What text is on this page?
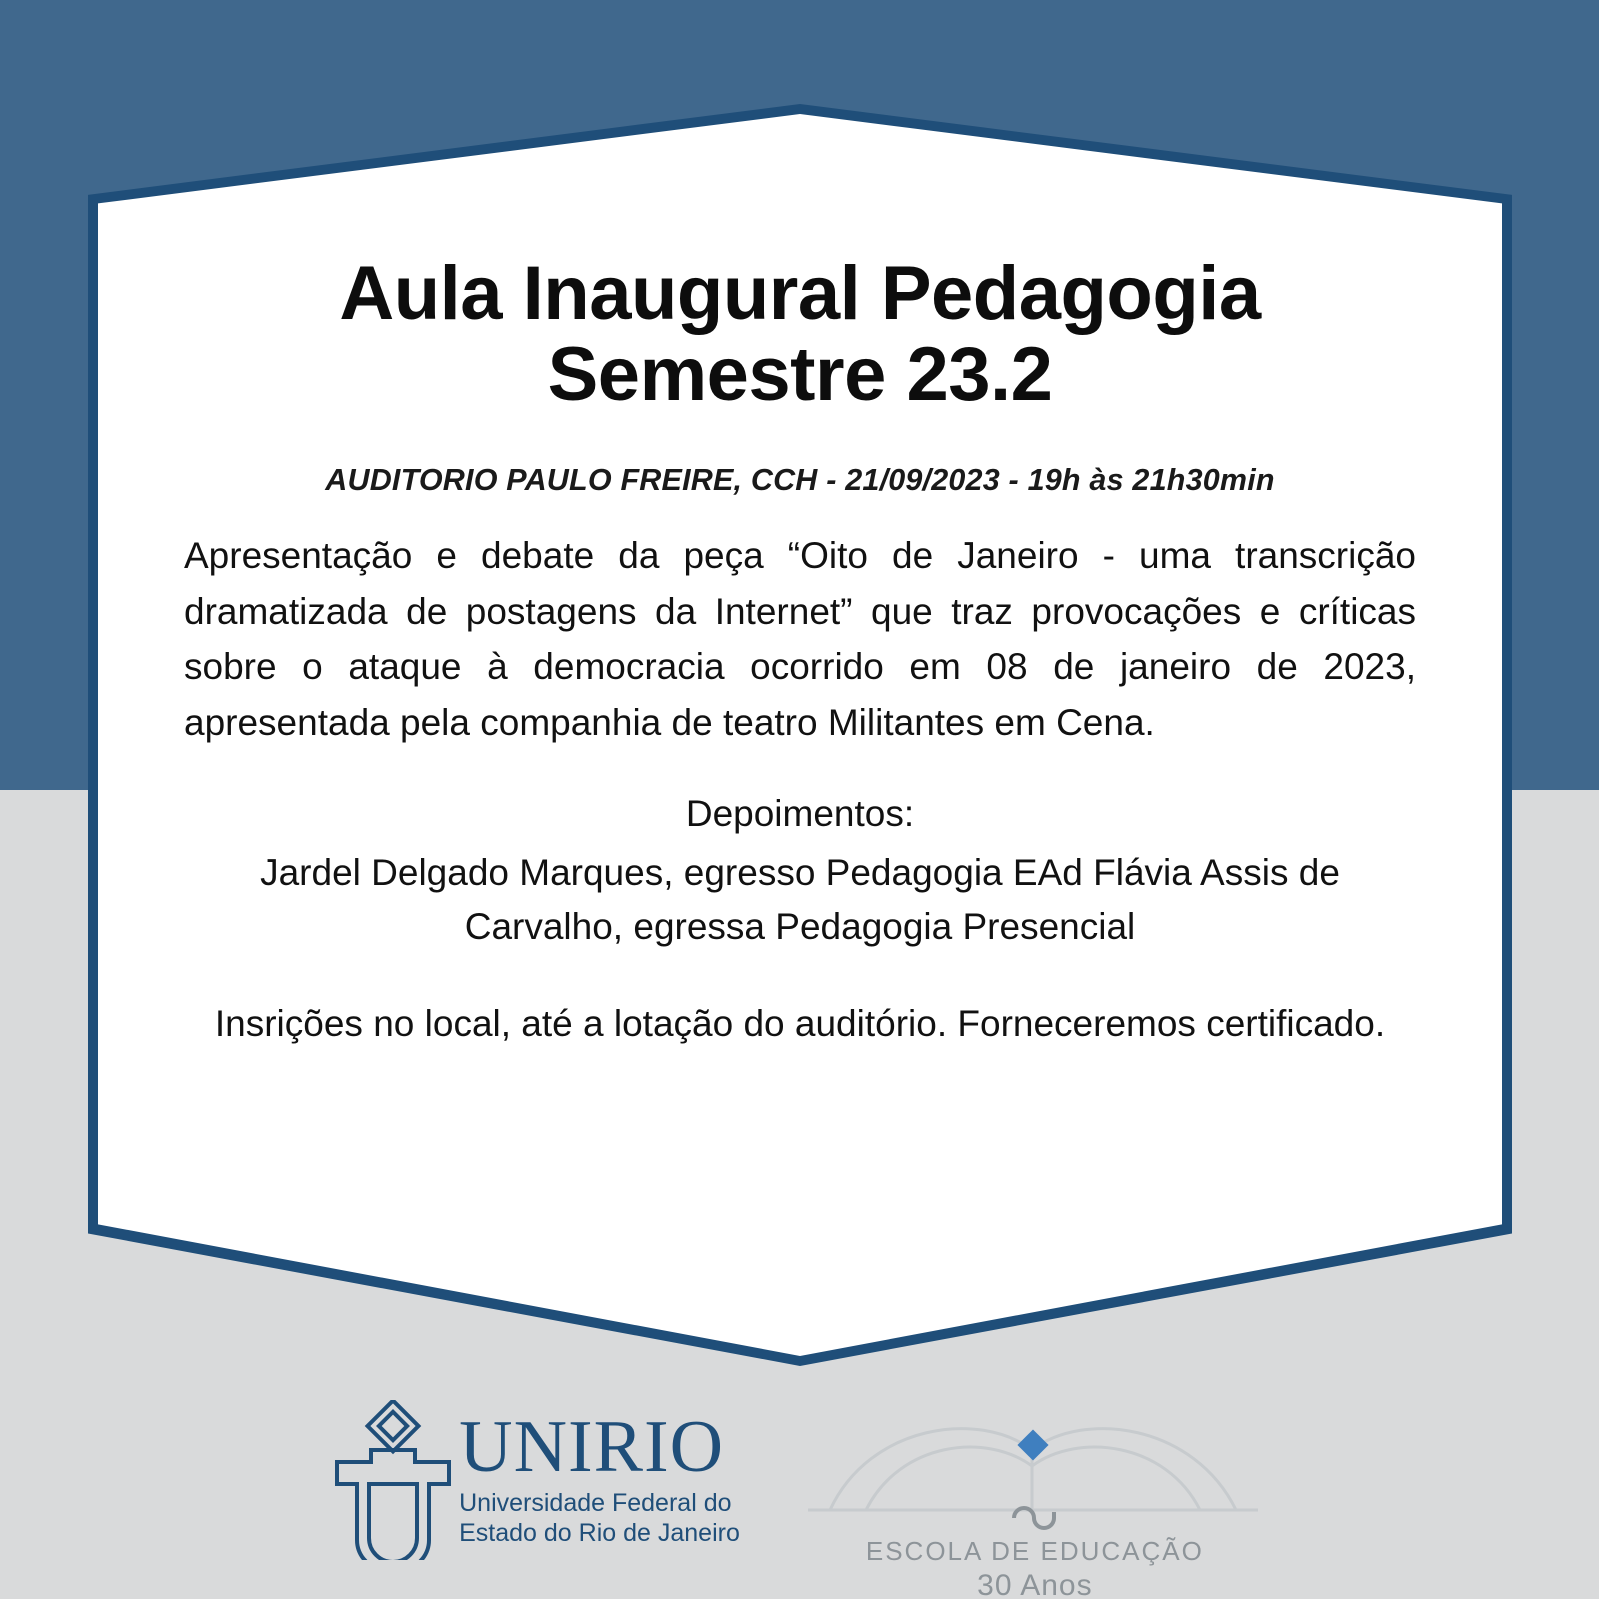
Aula Inaugural Pedagogia
Semestre 23.2
AUDITORIO PAULO FREIRE, CCH - 21/09/2023 - 19h às 21h30min

Apresentação e debate da peça “Oito de Janeiro - uma transcrição dramatizada de postagens da Internet” que traz provocações e críticas sobre o ataque à democracia ocorrido em 08 de janeiro de 2023, apresentada pela companhia de teatro Militantes em Cena.

Depoimentos:
Jardel Delgado Marques, egresso Pedagogia EAd Flávia Assis de Carvalho, egressa Pedagogia Presencial
Insrições no local, até a lotação do auditório. Forneceremos certificado.
UNIRIO
Universidade Federal do
Estado do Rio de Janeiro
ESCOLA DE EDUCAÇÃO
30 Anos
